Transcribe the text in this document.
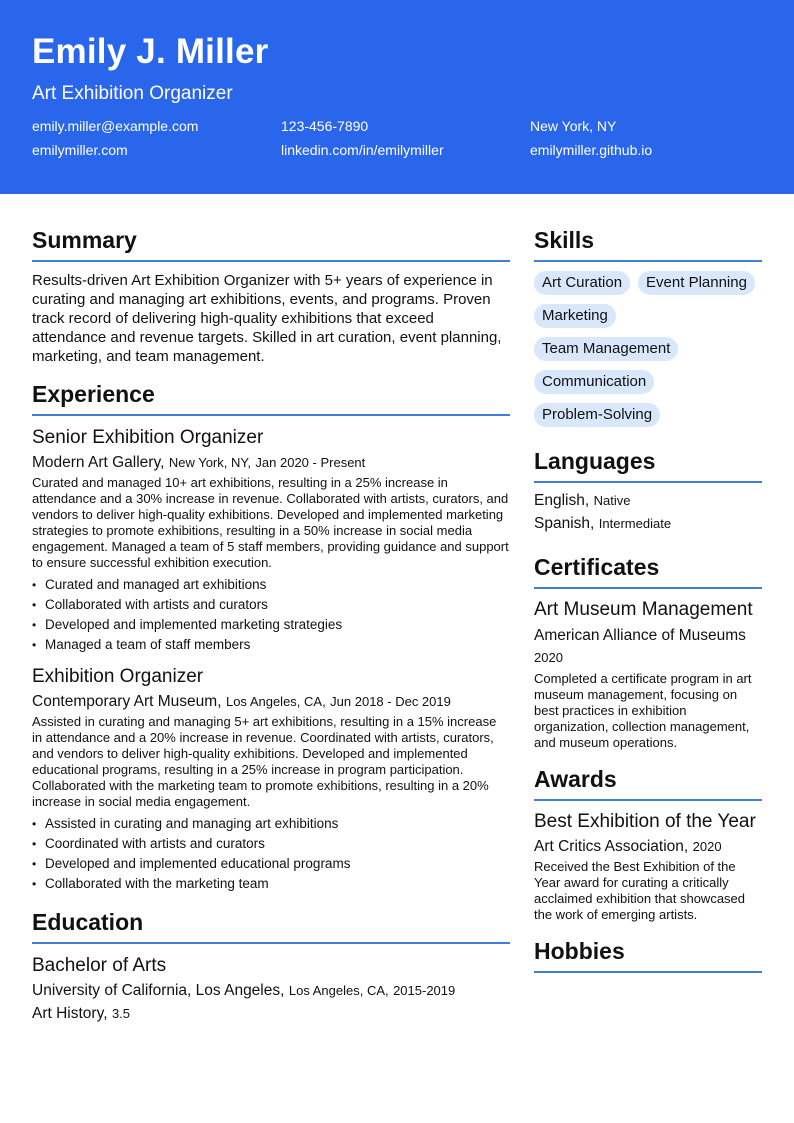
Emily J. Miller
Art Exhibition Organizer
emily.miller@example.com	123-456-7890	New York, NY
emilymiller.com	linkedin.com/in/emilymiller	emilymiller.github.io
Summary
Results-driven Art Exhibition Organizer with 5+ years of experience in curating and managing art exhibitions, events, and programs. Proven track record of delivering high-quality exhibitions that exceed attendance and revenue targets. Skilled in art curation, event planning, marketing, and team management.
Experience
Senior Exhibition Organizer
Modern Art Gallery, New York, NY, Jan 2020 - Present
Curated and managed 10+ art exhibitions, resulting in a 25% increase in attendance and a 30% increase in revenue. Collaborated with artists, curators, and vendors to deliver high-quality exhibitions. Developed and implemented marketing strategies to promote exhibitions, resulting in a 50% increase in social media engagement. Managed a team of 5 staff members, providing guidance and support to ensure successful exhibition execution.
• Curated and managed art exhibitions
• Collaborated with artists and curators
• Developed and implemented marketing strategies
• Managed a team of staff members
Exhibition Organizer
Contemporary Art Museum, Los Angeles, CA, Jun 2018 - Dec 2019
Assisted in curating and managing 5+ art exhibitions, resulting in a 15% increase in attendance and a 20% increase in revenue. Coordinated with artists, curators, and vendors to deliver high-quality exhibitions. Developed and implemented educational programs, resulting in a 25% increase in program participation. Collaborated with the marketing team to promote exhibitions, resulting in a 20% increase in social media engagement.
• Assisted in curating and managing art exhibitions
• Coordinated with artists and curators
• Developed and implemented educational programs
• Collaborated with the marketing team
Education
Bachelor of Arts
University of California, Los Angeles, Los Angeles, CA, 2015-2019
Art History, 3.5
Skills
Art Curation	Event Planning
Marketing
Team Management
Communication
Problem-Solving
Languages
English, Native
Spanish, Intermediate
Certificates
Art Museum Management
American Alliance of Museums
2020
Completed a certificate program in art museum management, focusing on best practices in exhibition organization, collection management, and museum operations.
Awards
Best Exhibition of the Year
Art Critics Association, 2020
Received the Best Exhibition of the Year award for curating a critically acclaimed exhibition that showcased the work of emerging artists.
Hobbies
